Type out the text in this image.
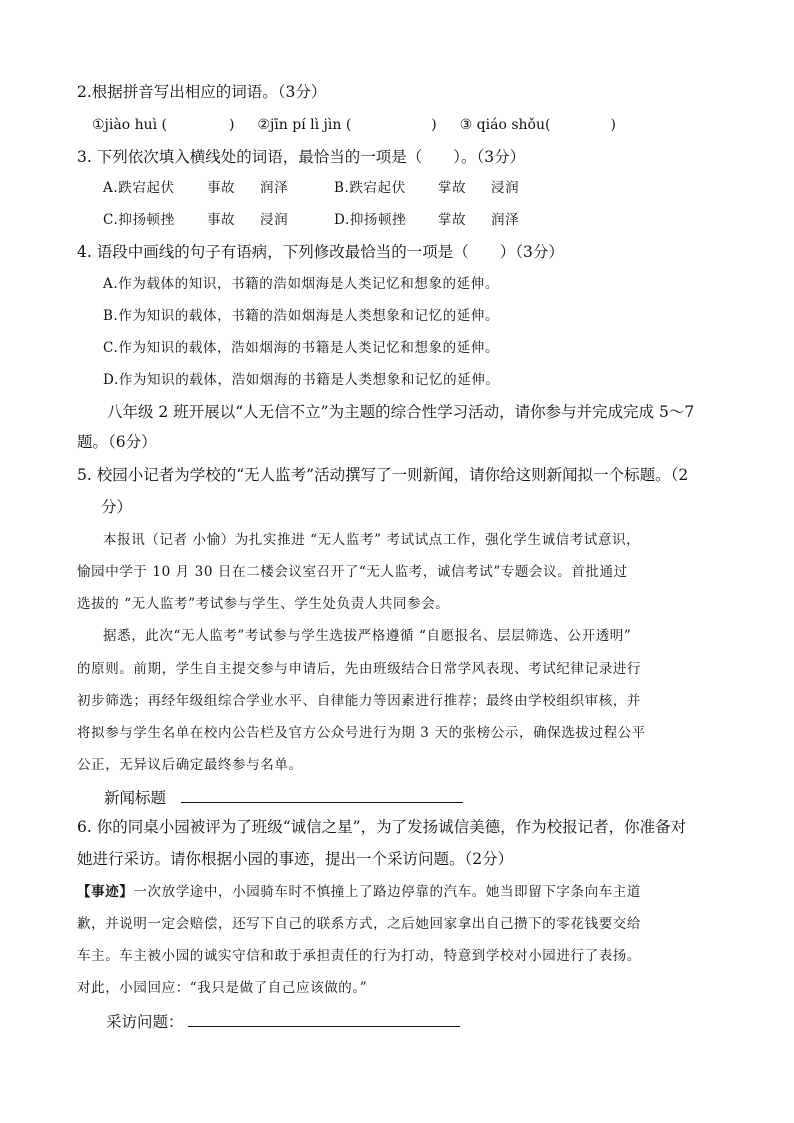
2.根据拼音写出相应的词语。（3分）
①jiào huì (	) ②jīn pí lì jìn (	) ③ qiáo shǒu(	)
3. 下列依次填入横线处的词语，最恰当的一项是（　　）。（3分）
A.跌宕起伏 事故 润泽	B.跌宕起伏 掌故 浸润
C.抑扬顿挫 事故 浸润	D.抑扬顿挫 掌故 润泽
4. 语段中画线的句子有语病，下列修改最恰当的一项是（　　）（3分）
A.作为载体的知识，书籍的浩如烟海是人类记忆和想象的延伸。
B.作为知识的载体，书籍的浩如烟海是人类想象和记忆的延伸。
C.作为知识的载体，浩如烟海的书籍是人类记忆和想象的延伸。
D.作为知识的载体，浩如烟海的书籍是人类想象和记忆的延伸。
八年级 2 班开展以“人无信不立”为主题的综合性学习活动，请你参与并完成完成 5～7
题。（6分）
5. 校园小记者为学校的“无人监考”活动撰写了一则新闻，请你给这则新闻拟一个标题。（2
分）
本报讯（记者 小愉）为扎实推进 “无人监考” 考试试点工作，强化学生诚信考试意识，
愉园中学于 10 月 30 日在二楼会议室召开了“无人监考，诚信考试”专题会议。首批通过
选拔的 “无人监考”考试参与学生、学生处负责人共同参会。
据悉，此次“无人监考”考试参与学生选拔严格遵循 “自愿报名、层层筛选、公开透明”
的原则。前期，学生自主提交参与申请后，先由班级结合日常学风表现、考试纪律记录进行
初步筛选；再经年级组综合学业水平、自律能力等因素进行推荐；最终由学校组织审核，并
将拟参与学生名单在校内公告栏及官方公众号进行为期 3 天的张榜公示，确保选拔过程公平
公正，无异议后确定最终参与名单。
新闻标题
6. 你的同桌小园被评为了班级“诚信之星”，为了发扬诚信美德，作为校报记者，你准备对
她进行采访。请你根据小园的事迹，提出一个采访问题。（2分）
【事迹】一次放学途中，小园骑车时不慎撞上了路边停靠的汽车。她当即留下字条向车主道
歉，并说明一定会赔偿，还写下自己的联系方式，之后她回家拿出自己攒下的零花钱要交给
车主。车主被小园的诚实守信和敢于承担责任的行为打动，特意到学校对小园进行了表扬。
对此，小园回应：“我只是做了自己应该做的。”
采访问题：
